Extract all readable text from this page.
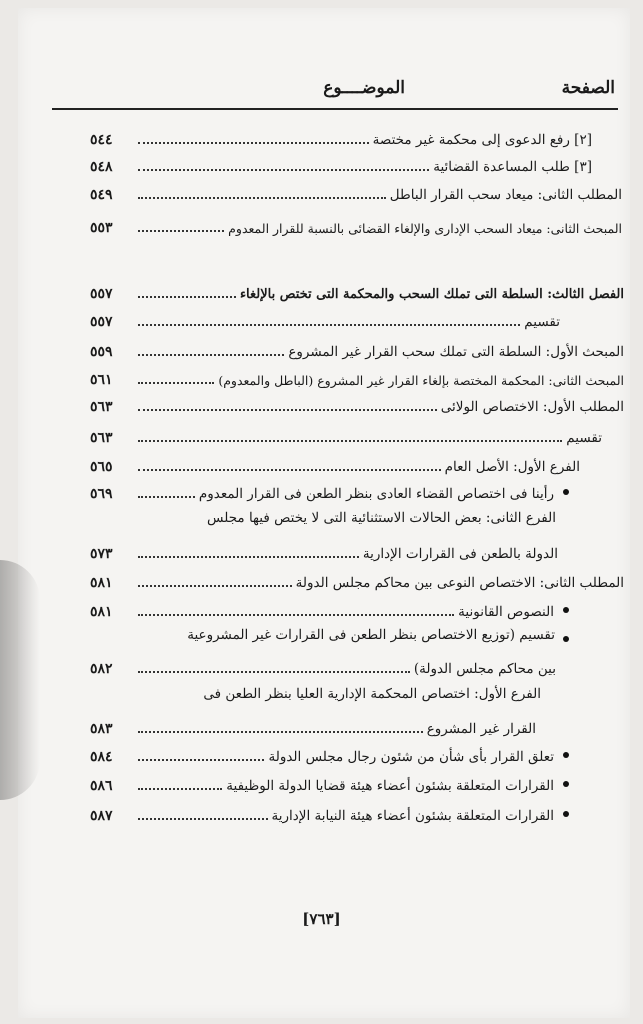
الصفحة
الموضــــوع
[٢] رفع الدعوى إلى محكمة غير مختصة
٥٤٤
[٣] طلب المساعدة القضائية
٥٤٨
المطلب الثانى: ميعاد سحب القرار الباطل
٥٤٩
المبحث الثانى: ميعاد السحب الإدارى والإلغاء القضائى بالنسبة للقرار المعدوم
٥٥٣
الفصل الثالث: السلطة التى تملك السحب والمحكمة التى تختص بالإلغاء
٥٥٧
تقسيم
٥٥٧
المبحث الأول: السلطة التى تملك سحب القرار غير المشروع
٥٥٩
المبحث الثانى: المحكمة المختصة بإلغاء القرار غير المشروع (الباطل والمعدوم)
٥٦١
المطلب الأول: الاختصاص الولائى
٥٦٣
تقسيم
٥٦٣
الفرع الأول: الأصل العام
٥٦٥
رأينا فى اختصاص القضاء العادى بنظر الطعن فى القرار المعدوم
٥٦٩
الفرع الثانى: بعض الحالات الاستثنائية التى لا يختص فيها مجلس
الدولة بالطعن فى القرارات الإدارية
٥٧٣
المطلب الثانى: الاختصاص النوعى بين محاكم مجلس الدولة
٥٨١
النصوص القانونية
٥٨١
تقسيم (توزيع الاختصاص بنظر الطعن فى القرارات غير المشروعية
بين محاكم مجلس الدولة)
٥٨٢
الفرع الأول: اختصاص المحكمة الإدارية العليا بنظر الطعن فى
القرار غير المشروع
٥٨٣
تعلق القرار بأى شأن من شئون رجال مجلس الدولة
٥٨٤
القرارات المتعلقة بشئون أعضاء هيئة قضايا الدولة الوظيفية
٥٨٦
القرارات المتعلقة بشئون أعضاء هيئة النيابة الإدارية
٥٨٧
[٧٦٣]
